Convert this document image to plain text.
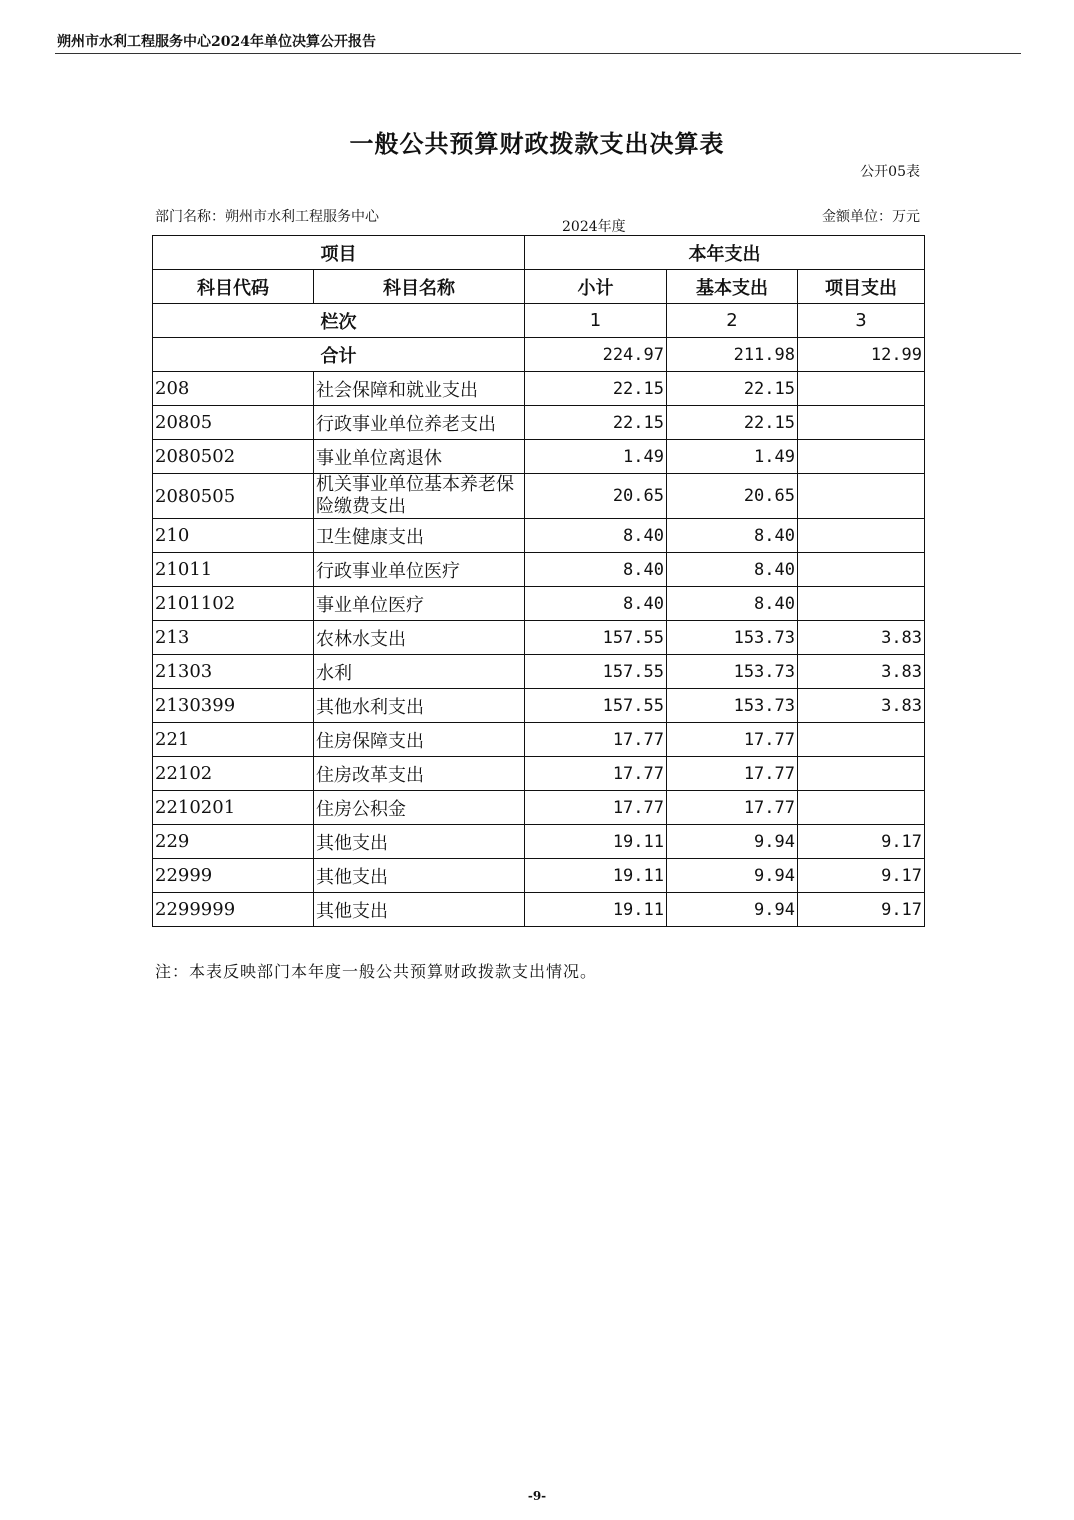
朔州市水利工程服务中心2024年单位决算公开报告
一般公共预算财政拨款支出决算表
公开05表
部门名称：朔州市水利工程服务中心
2024年度
金额单位：万元
项目		本年支出		
科目代码	科目名称	小计	基本支出	项目支出
栏次		1	2	3
合计		224.97	211.98	12.99
208	社会保障和就业支出	22.15	22.15	
20805	行政事业单位养老支出	22.15	22.15	
2080502	事业单位离退休	1.49	1.49	
2080505	机关事业单位基本养老保险缴费支出	20.65	20.65	
210	卫生健康支出	8.40	8.40	
21011	行政事业单位医疗	8.40	8.40	
2101102	事业单位医疗	8.40	8.40	
213	农林水支出	157.55	153.73	3.83
21303	水利	157.55	153.73	3.83
2130399	其他水利支出	157.55	153.73	3.83
221	住房保障支出	17.77	17.77	
22102	住房改革支出	17.77	17.77	
2210201	住房公积金	17.77	17.77	
229	其他支出	19.11	9.94	9.17
22999	其他支出	19.11	9.94	9.17
2299999	其他支出	19.11	9.94	9.17
注：本表反映部门本年度一般公共预算财政拨款支出情况。
-9-
